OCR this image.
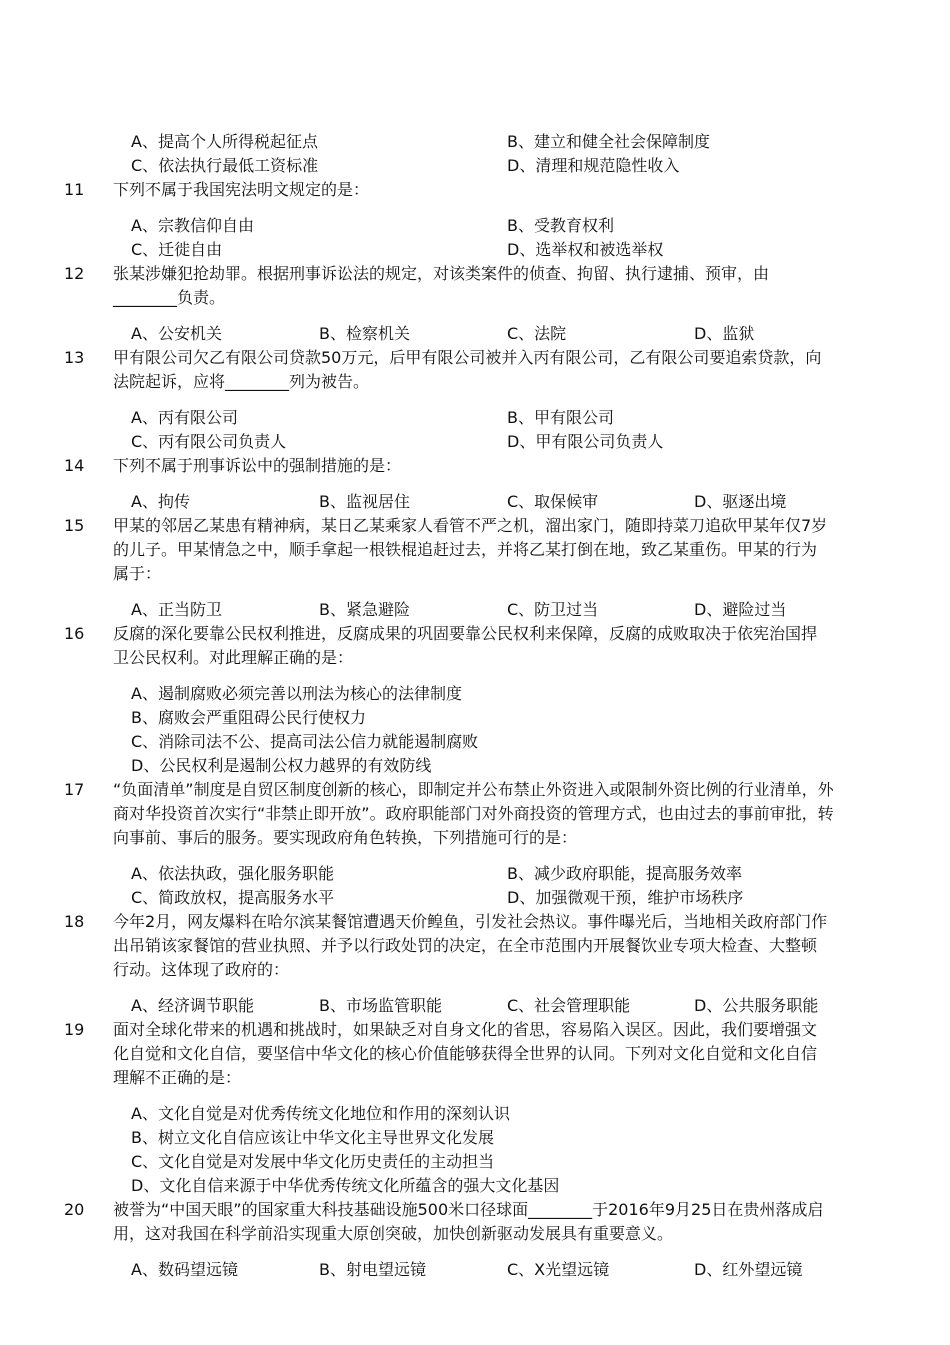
A、提高个人所得税起征点	B、建立和健全社会保障制度
C、依法执行最低工资标准	D、清理和规范隐性收入
11	下列不属于我国宪法明文规定的是：
A、宗教信仰自由	B、受教育权利
C、迁徙自由	D、选举权和被选举权
12	张某涉嫌犯抢劫罪。根据刑事诉讼法的规定，对该类案件的侦查、拘留、执行逮捕、预审，由
________负责。
A、公安机关	B、检察机关	C、法院	D、监狱
13	甲有限公司欠乙有限公司贷款50万元，后甲有限公司被并入丙有限公司，乙有限公司要追索贷款，向
法院起诉，应将________列为被告。
A、丙有限公司	B、甲有限公司
C、丙有限公司负责人	D、甲有限公司负责人
14	下列不属于刑事诉讼中的强制措施的是：
A、拘传	B、监视居住	C、取保候审	D、驱逐出境
15	甲某的邻居乙某患有精神病，某日乙某乘家人看管不严之机，溜出家门，随即持菜刀追砍甲某年仅7岁
的儿子。甲某情急之中，顺手拿起一根铁棍追赶过去，并将乙某打倒在地，致乙某重伤。甲某的行为
属于：
A、正当防卫	B、紧急避险	C、防卫过当	D、避险过当
16	反腐的深化要靠公民权利推进，反腐成果的巩固要靠公民权利来保障，反腐的成败取决于依宪治国捍
卫公民权利。对此理解正确的是：
A、遏制腐败必须完善以刑法为核心的法律制度
B、腐败会严重阻碍公民行使权力
C、消除司法不公、提高司法公信力就能遏制腐败
D、公民权利是遏制公权力越界的有效防线
17	“负面清单”制度是自贸区制度创新的核心，即制定并公布禁止外资进入或限制外资比例的行业清单，外
商对华投资首次实行“非禁止即开放”。政府职能部门对外商投资的管理方式，也由过去的事前审批，转
向事前、事后的服务。要实现政府角色转换，下列措施可行的是：
A、依法执政，强化服务职能	B、减少政府职能，提高服务效率
C、简政放权，提高服务水平	D、加强微观干预，维护市场秩序
18	今年2月，网友爆料在哈尔滨某餐馆遭遇天价鳇鱼，引发社会热议。事件曝光后，当地相关政府部门作
出吊销该家餐馆的营业执照、并予以行政处罚的决定，在全市范围内开展餐饮业专项大检查、大整顿
行动。这体现了政府的：
A、经济调节职能	B、市场监管职能	C、社会管理职能	D、公共服务职能
19	面对全球化带来的机遇和挑战时，如果缺乏对自身文化的省思，容易陷入误区。因此，我们要增强文
化自觉和文化自信，要坚信中华文化的核心价值能够获得全世界的认同。下列对文化自觉和文化自信
理解不正确的是：
A、文化自觉是对优秀传统文化地位和作用的深刻认识
B、树立文化自信应该让中华文化主导世界文化发展
C、文化自觉是对发展中华文化历史责任的主动担当
D、文化自信来源于中华优秀传统文化所蕴含的强大文化基因
20	被誉为“中国天眼”的国家重大科技基础设施500米口径球面________于2016年9月25日在贵州落成启
用，这对我国在科学前沿实现重大原创突破，加快创新驱动发展具有重要意义。
A、数码望远镜	B、射电望远镜	C、X光望远镜	D、红外望远镜
